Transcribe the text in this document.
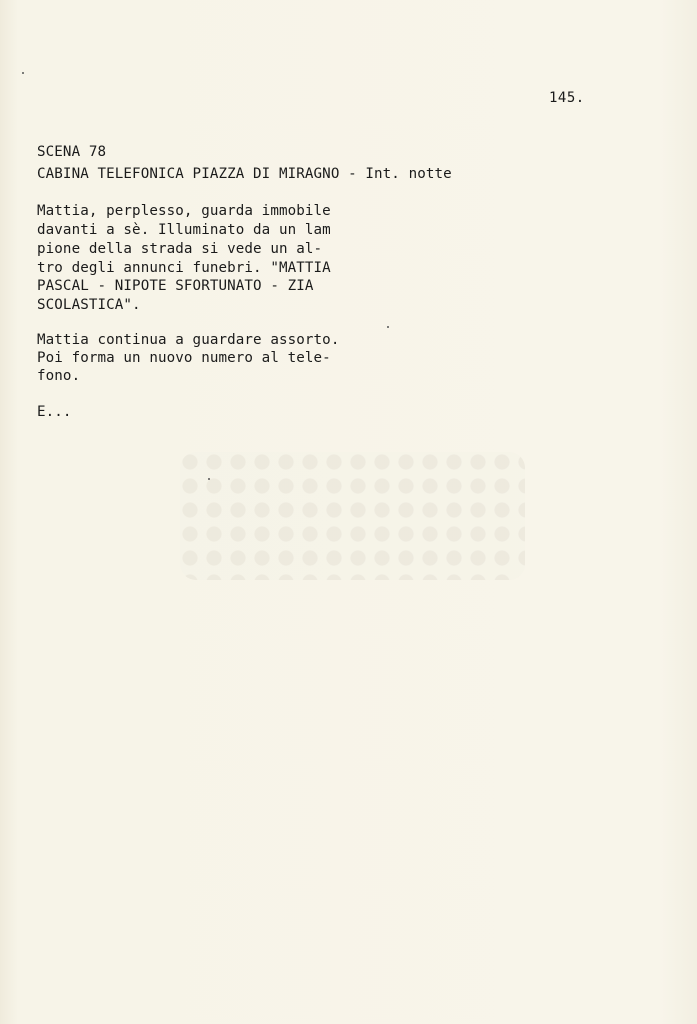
145.
SCENA 78
CABINA TELEFONICA PIAZZA DI MIRAGNO - Int. notte
Mattia, perplesso, guarda immobile
davanti a sè. Illuminato da un lam
pione della strada si vede un al-
tro degli annunci funebri. "MATTIA
PASCAL - NIPOTE SFORTUNATO - ZIA
SCOLASTICA".
Mattia continua a guardare assorto.
Poi forma un nuovo numero al tele-
fono.
E...
